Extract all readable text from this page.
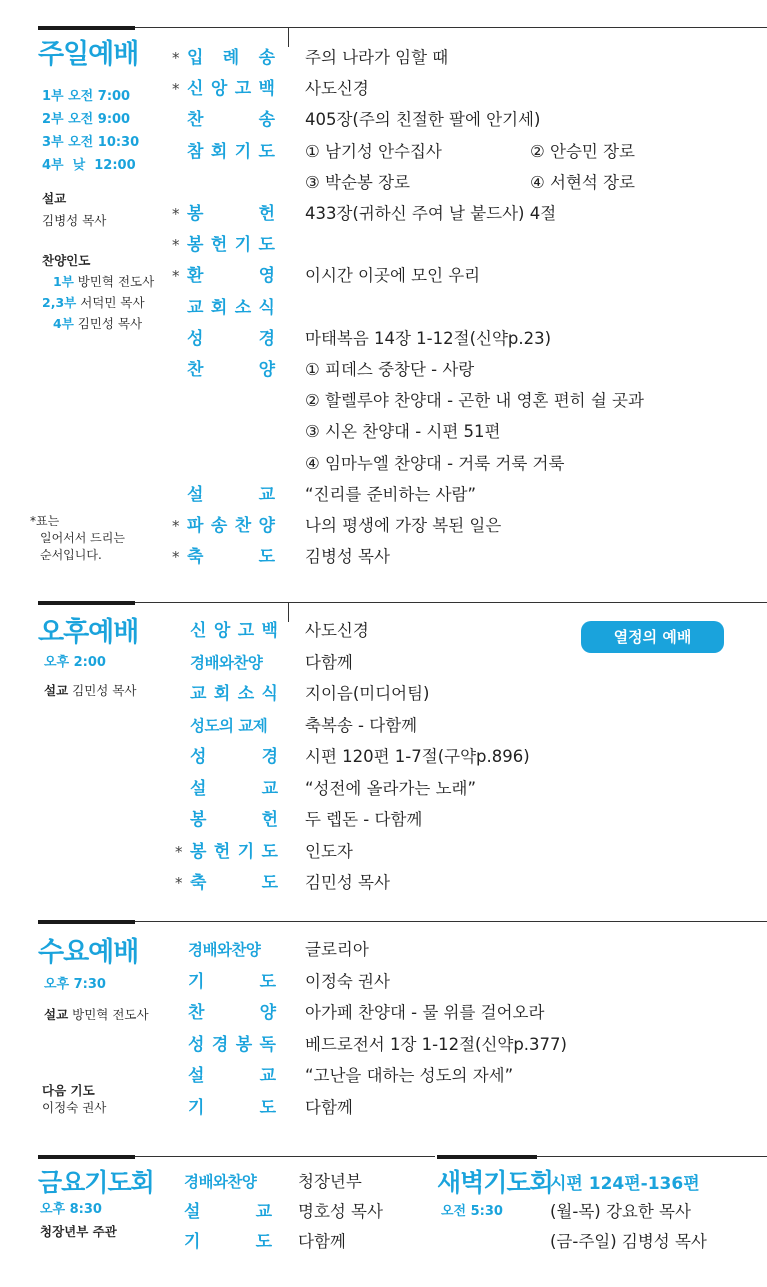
주일예배
1부 오전 7:00
2부 오전 9:00
3부 오전 10:30
4부  낮  12:00
설교
김병성 목사
찬양인도
1부 방민혁 전도사
2,3부 서덕민 목사
4부 김민성 목사
*표는
일어서서 드리는
순서입니다.
* 입 례 송 주의 나라가 임할 때
* 신 앙 고 백 사도신경
찬	송 405장(주의 친절한 팔에 안기세)
참 회 기 도 ① 남기성 안수집사	② 안승민 장로
③ 박순봉 장로	④ 서현석 장로
* 봉	헌 433장(귀하신 주여 날 붙드사) 4절
* 봉 헌 기 도
* 환	영 이시간 이곳에 모인 우리
교 회 소 식
성	경 마태복음 14장 1-12절(신약p.23)
찬	양 ① 피데스 중창단 - 사랑
② 할렐루야 찬양대 - 곤한 내 영혼 편히 쉴 곳과
③ 시온 찬양대 - 시편 51편
④ 임마누엘 찬양대 - 거룩 거룩 거룩
설	교 “진리를 준비하는 사람”
* 파 송 찬 양 나의 평생에 가장 복된 일은
* 축	도 김병성 목사
오후예배
오후 2:00
설교 김민성 목사
열정의 예배
신 앙 고 백 사도신경
경배와찬양	다함께
교 회 소 식 지이음(미디어팀)
성도의 교제	축복송 - 다함께
성	경 시편 120편 1-7절(구약p.896)
설	교 “성전에 올라가는 노래”
봉	헌 두 렙돈 - 다함께
* 봉 헌 기 도 인도자
* 축	도 김민성 목사
수요예배
오후 7:30
설교 방민혁 전도사
다음 기도
이정숙 권사
경배와찬양	글로리아
기	도 이정숙 권사
찬	양 아가페 찬양대 - 물 위를 걸어오라
성 경 봉 독 베드로전서 1장 1-12절(신약p.377)
설	교 “고난을 대하는 성도의 자세”
기	도 다함께
금요기도회
오후 8:30
청장년부 주관
경배와찬양	청장년부
설	교 명호성 목사
기	도 다함께
새벽기도회
오전 5:30
시편 124편-136편
(월-목) 강요한 목사
(금-주일) 김병성 목사
